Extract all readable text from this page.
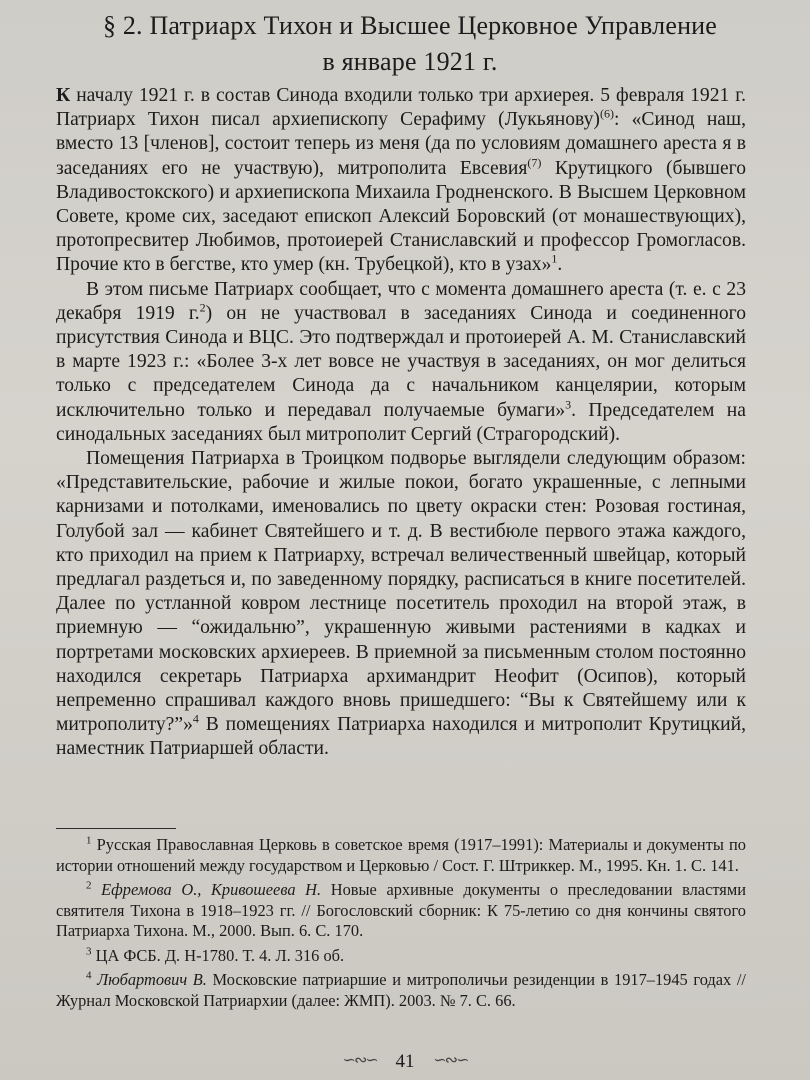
§ 2. Патриарх Тихон и Высшее Церковное Управление
в январе 1921 г.

К началу 1921 г. в состав Синода входили только три архиерея. 5 февраля 1921 г. Патриарх Тихон писал архиепископу Серафиму (Лукьянову)$^{(6)}$: «Синод наш, вместо 13 [членов], состоит теперь из меня (да по условиям домашнего ареста я в заседаниях его не участвую), митрополита Евсевия$^{(7)}$ Крутицкого (бывшего Владивостокского) и архиепископа Михаила Гродненского. В Высшем Церковном Совете, кроме сих, заседают епископ Алексий Боровский (от монашествующих), протопресвитер Любимов, протоиерей Станиславский и профессор Громогласов. Прочие кто в бегстве, кто умер (кн. Трубецкой), кто в узах»$^1$.

В этом письме Патриарх сообщает, что с момента домашнего ареста (т. е. с 23 декабря 1919 г.$^2$) он не участвовал в заседаниях Синода и соединенного присутствия Синода и ВЦС. Это подтверждал и протоиерей А. М. Станиславский в марте 1923 г.: «Более 3-х лет вовсе не участвуя в заседаниях, он мог делиться только с председателем Синода да с начальником канцелярии, которым исключительно только и передавал получаемые бумаги»$^3$. Председателем на синодальных заседаниях был митрополит Сергий (Страгородский).

Помещения Патриарха в Троицком подворье выглядели следующим образом: «Представительские, рабочие и жилые покои, богато украшенные, с лепными карнизами и потолками, именовались по цвету окраски стен: Розовая гостиная, Голубой зал — кабинет Святейшего и т. д. В вестибюле первого этажа каждого, кто приходил на прием к Патриарху, встречал величественный швейцар, который предлагал раздеться и, по заведенному порядку, расписаться в книге посетителей. Далее по устланной ковром лестнице посетитель проходил на второй этаж, в приемную — “ожидальню”, украшенную живыми растениями в кадках и портретами московских архиереев. В приемной за письменным столом постоянно находился секретарь Патриарха архимандрит Неофит (Осипов), который непременно спрашивал каждого вновь пришедшего: “Вы к Святейшему или к митрополиту?”»$^4$ В помещениях Патриарха находился и митрополит Крутицкий, наместник Патриаршей области.

$^1$ Русская Православная Церковь в советское время (1917–1991): Материалы и документы по истории отношений между государством и Церковью / Сост. Г. Штриккер. М., 1995. Кн. 1. С. 141.

$^2$ Ефремова О., Кривошеева Н. Новые архивные документы о преследовании властями святителя Тихона в 1918–1923 гг. // Богословский сборник: К 75-летию со дня кончины святого Патриарха Тихона. М., 2000. Вып. 6. С. 170.

$^3$ ЦА ФСБ. Д. Н-1780. Т. 4. Л. 316 об.

$^4$ Любартович В. Московские патриаршие и митрополичьи резиденции в 1917–1945 годах // Журнал Московской Патриархии (далее: ЖМП). 2003. № 7. С. 66.

∽∾∽ 41 ∽∾∽
